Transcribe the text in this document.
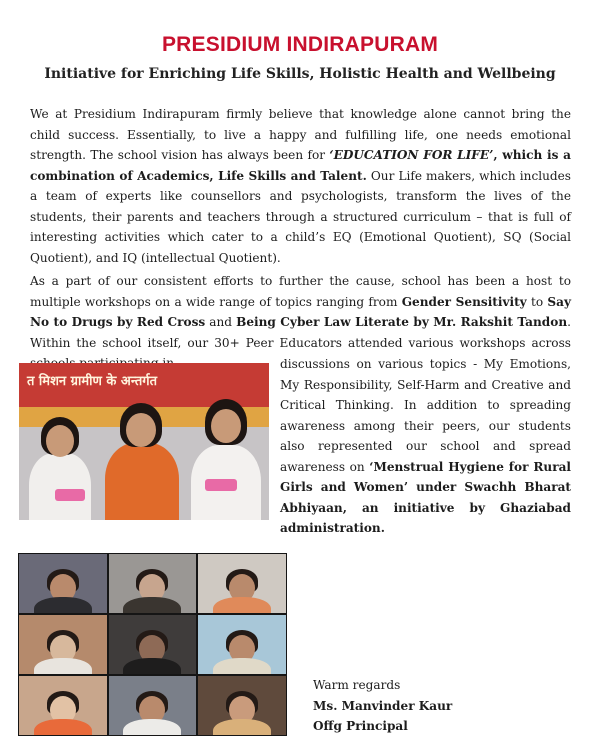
PRESIDIUM INDIRAPURAM
Initiative for Enriching Life Skills, Holistic Health and Wellbeing
We at Presidium Indirapuram firmly believe that knowledge alone cannot bring the child success. Essentially, to live a happy and fulfilling life, one needs emotional strength. The school vision has always been for ‘EDUCATION FOR LIFE’, which is a combination of Academics, Life Skills and Talent. Our Life makers, which includes a team of experts like counsellors and psychologists, transform the lives of the students, their parents and teachers through a structured curriculum – that is full of interesting activities which cater to a child’s EQ (Emotional Quotient), SQ (Social Quotient), and IQ (intellectual Quotient).
As a part of our consistent efforts to further the cause, school has been a host to multiple workshops on a wide range of topics ranging from Gender Sensitivity to Say No to Drugs by Red Cross and Being Cyber Law Literate by Mr. Rakshit Tandon. Within the school itself, our 30+ Peer Educators attended various workshops across
discussions on various topics - My Emotions, My Responsibility, Self-Harm and Creative and Critical Thinking. In addition to spreading awareness among their peers, our students also represented our school and spread awareness on ‘Menstrual Hygiene for Rural Girls and Women’ under Swachh Bharat Abhiyaan, an initiative by Ghaziabad administration.
त मिशन ग्रामीण के अन्तर्गत
Warm regards
Ms. Manvinder Kaur
Offg Principal
